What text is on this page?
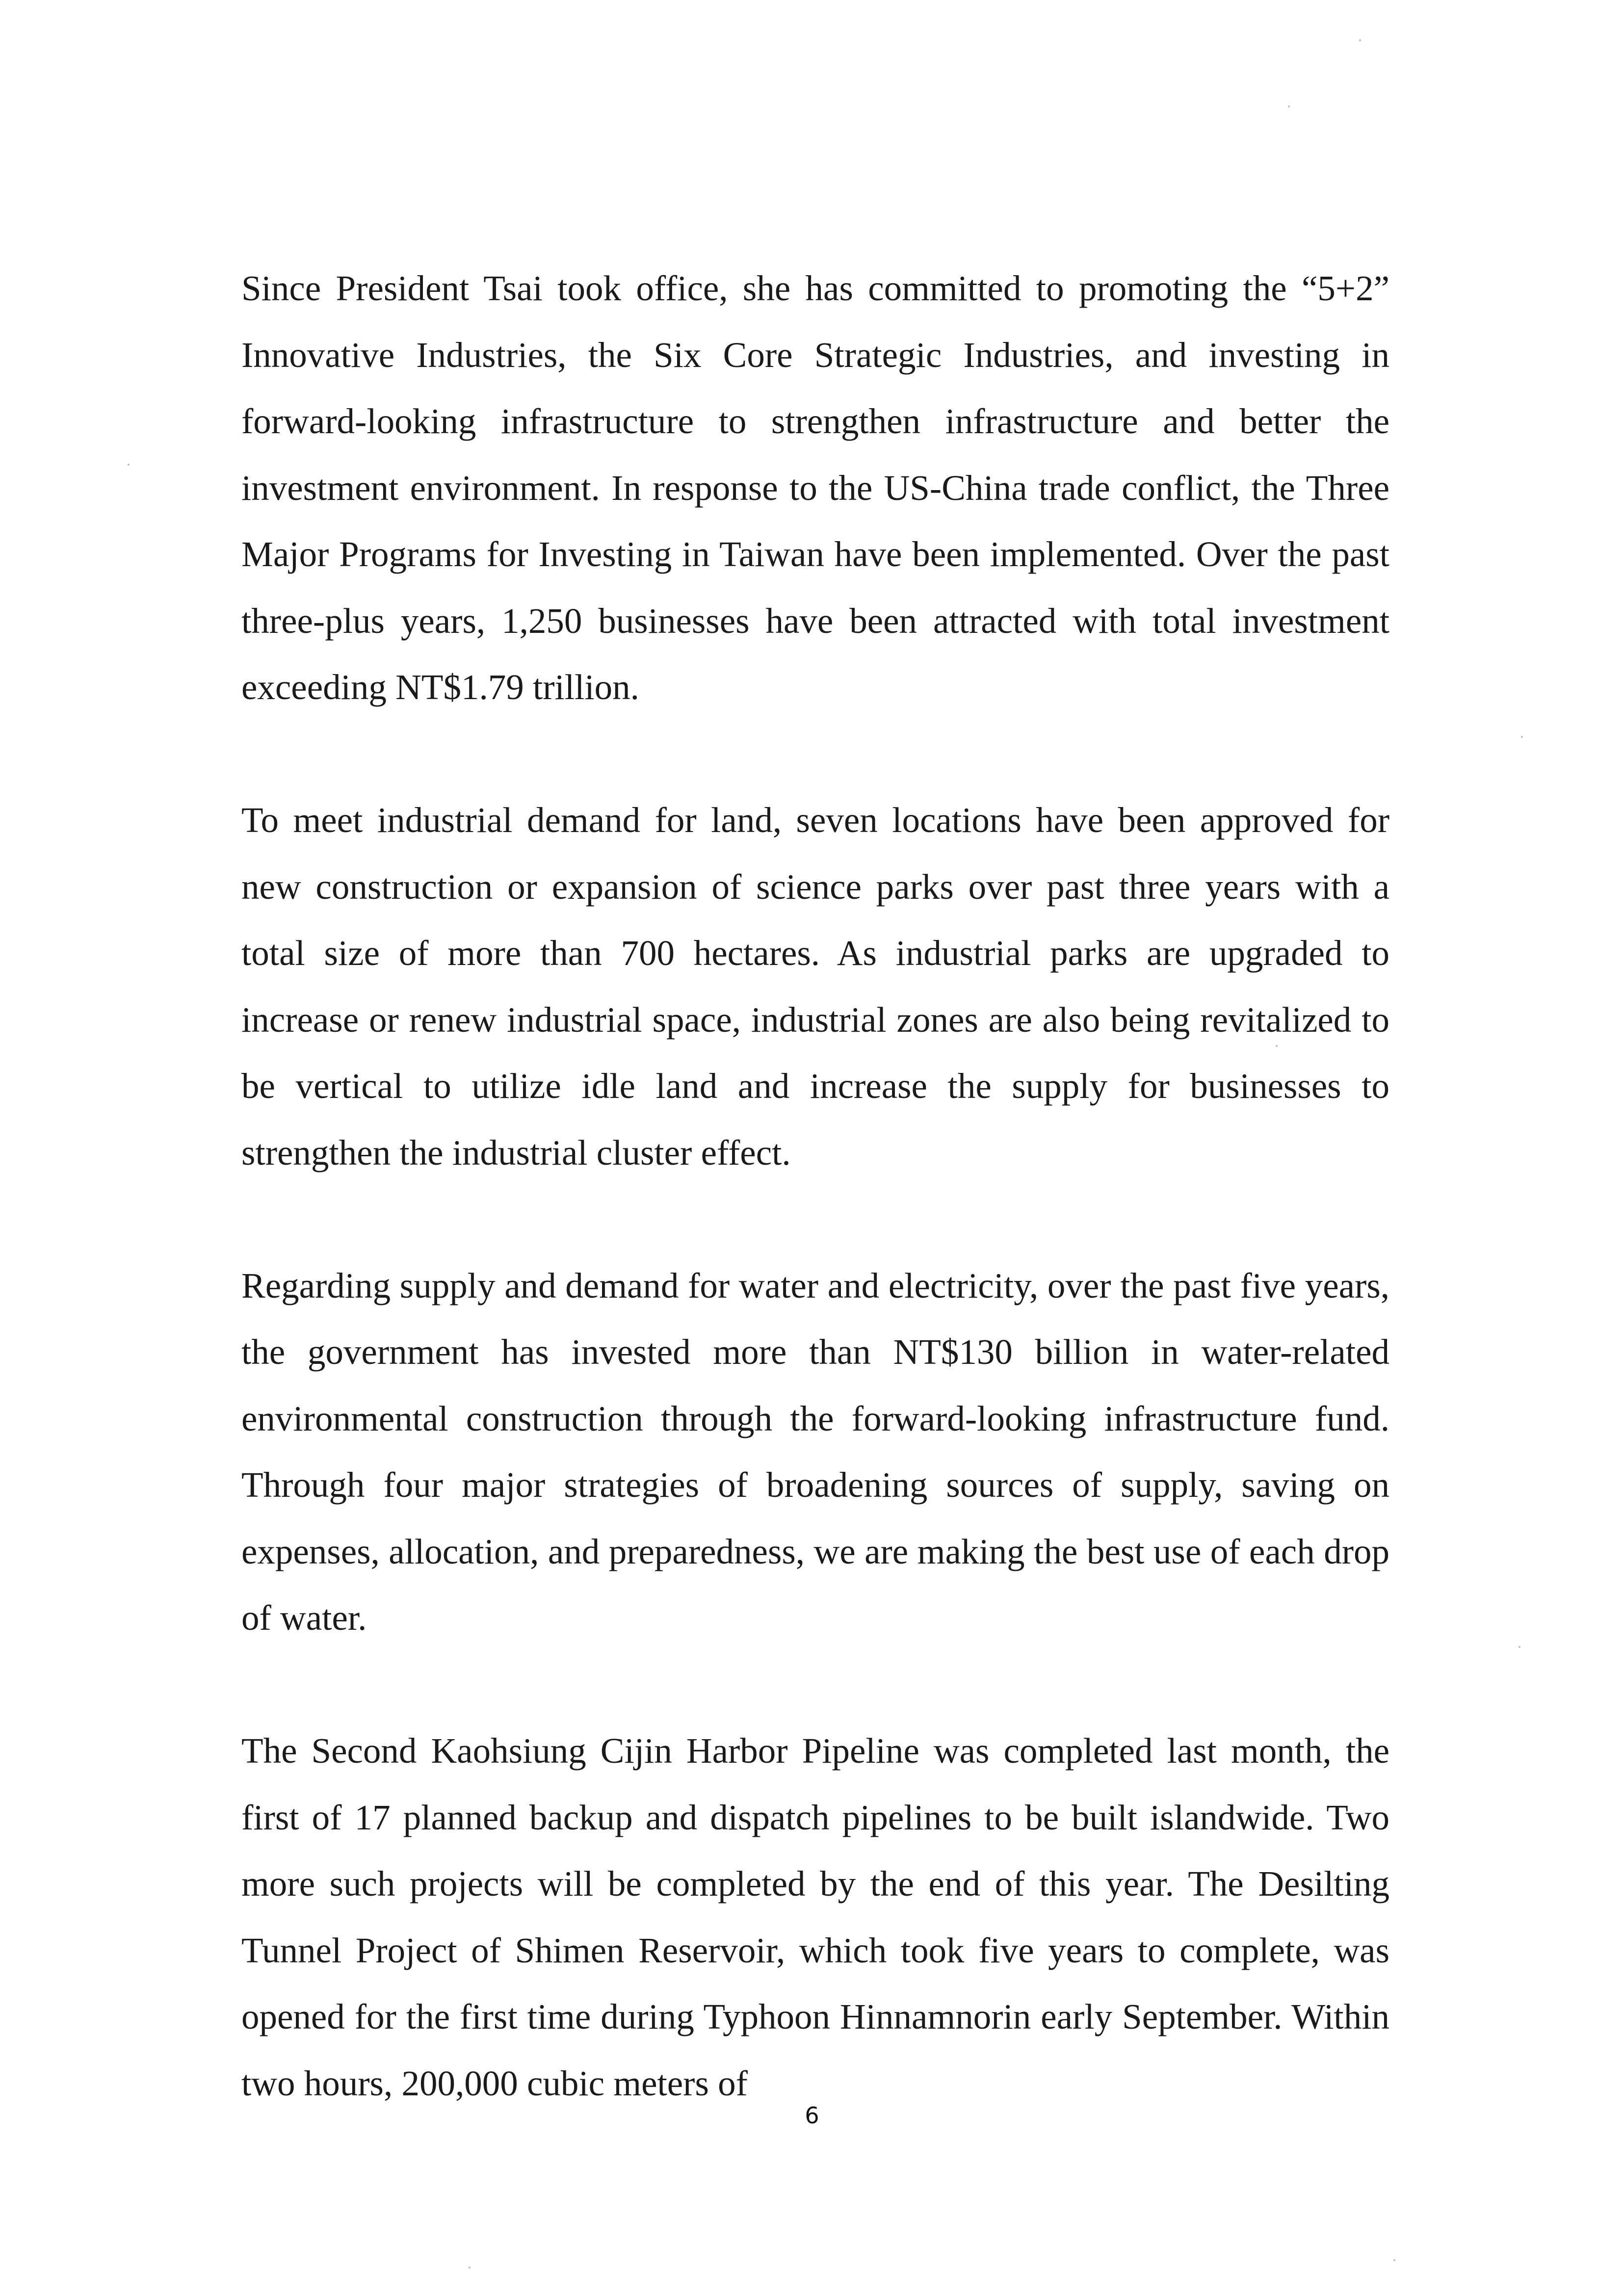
Since President Tsai took office, she has committed to promoting the “5+2” Innovative Industries, the Six Core Strategic Industries, and investing in forward-looking infrastructure to strengthen infrastructure and better the investment environment. In response to the US-China trade conflict, the Three Major Programs for Investing in Taiwan have been implemented. Over the past three-plus years, 1,250 businesses have been attracted with total investment exceeding NT$1.79 trillion.

To meet industrial demand for land, seven locations have been approved for new construction or expansion of science parks over past three years with a total size of more than 700 hectares. As industrial parks are upgraded to increase or renew industrial space, industrial zones are also being revitalized to be vertical to utilize idle land and increase the supply for businesses to strengthen the industrial cluster effect.

Regarding supply and demand for water and electricity, over the past five years, the government has invested more than NT$130 billion in water-related environmental construction through the forward-looking infrastructure fund. Through four major strategies of broadening sources of supply, saving on expenses, allocation, and preparedness, we are making the best use of each drop of water.

The Second Kaohsiung Cijin Harbor Pipeline was completed last month, the first of 17 planned backup and dispatch pipelines to be built islandwide. Two more such projects will be completed by the end of this year. The Desilting Tunnel Project of Shimen Reservoir, which took five years to complete, was opened for the first time during Typhoon Hinnamnorin early September. Within two hours, 200,000 cubic meters of

6
